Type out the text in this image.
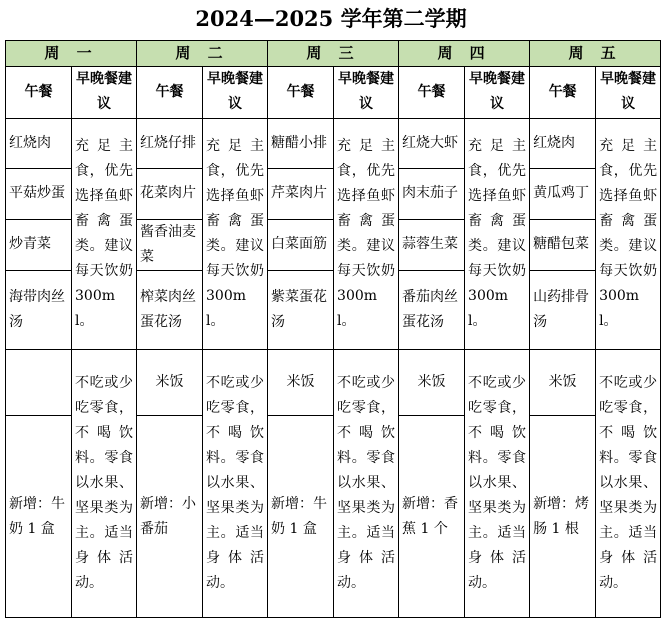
2024—2025 学年第二学期
周 一		周 二		周 三		周 四		周 五	
午餐	早晚餐建议	午餐	早晚餐建议	午餐	早晚餐建议	午餐	早晚餐建议	午餐	早晚餐建议
红烧肉	充足主食，优先选择鱼虾畜禽蛋类。建议每天饮奶 300ml。	红烧仔排	充足主食，优先选择鱼虾畜禽蛋类。建议每天饮奶 300ml。	糖醋小排	充足主食，优先选择鱼虾畜禽蛋类。建议每天饮奶300ml。	红烧大虾	充足主食，优先选择鱼虾畜禽蛋类。建议每天饮奶 300ml。	红烧肉	充足主食，优先选择鱼虾畜禽蛋类。建议每天饮奶 300ml。
平菇炒蛋		花菜肉片		芹菜肉片		肉末茄子		黄瓜鸡丁	
炒青菜		酱香油麦菜		白菜面筋		蒜蓉生菜		糖醋包菜	
海带肉丝汤		榨菜肉丝蛋花汤		紫菜蛋花汤		番茄肉丝蛋花汤		山药排骨汤	
	不吃或少吃零食，不喝饮料。零食以水果、坚果类为主。适当身体活动。	米饭	不吃或少吃零食，不喝饮料。零食以水果、坚果类为主。适当身体活动。	米饭	不吃或少吃零食，不喝饮料。零食以水果、坚果类为主。适当身体活动。	米饭	不吃或少吃零食，不喝饮料。零食以水果、坚果类为主。适当身体活动。	米饭	不吃或少吃零食，不喝饮料。零食以水果、坚果类为主。适当身体活动。
新增：牛奶 1 盒		新增：小番茄		新增：牛奶 1 盒		新增：香蕉 1 个		新增：烤肠 1 根	
